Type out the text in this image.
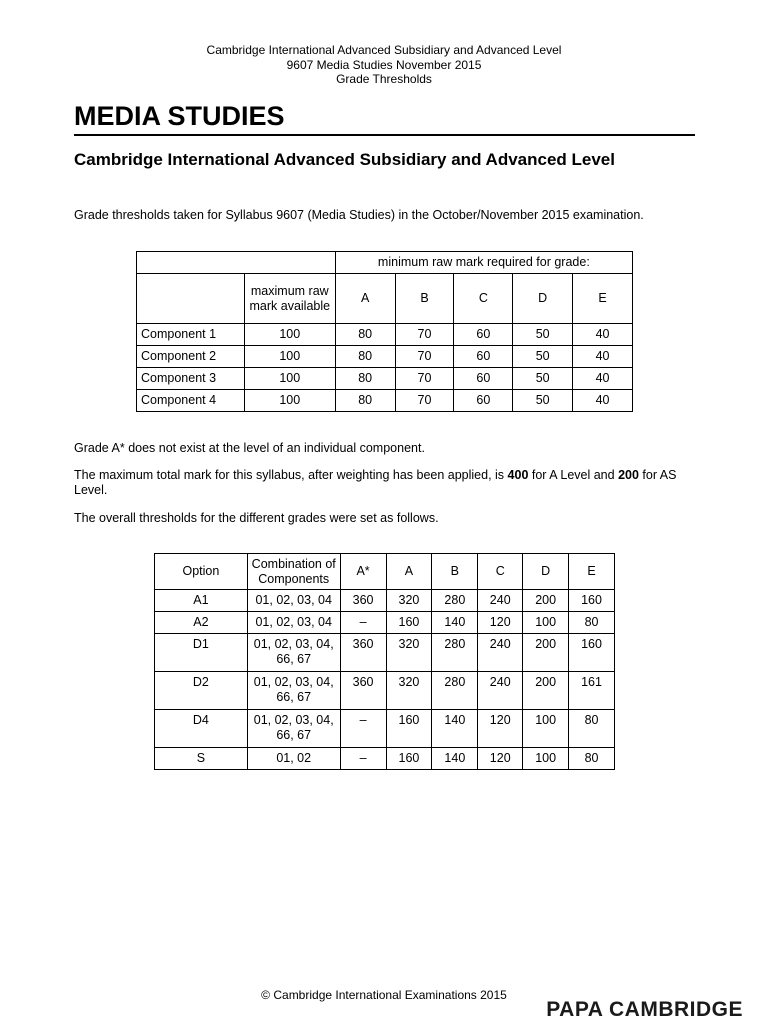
Cambridge International Advanced Subsidiary and Advanced Level
9607 Media Studies November 2015
Grade Thresholds
MEDIA STUDIES
Cambridge International Advanced Subsidiary and Advanced Level

Grade thresholds taken for Syllabus 9607 (Media Studies) in the October/November 2015 examination.

		minimum raw mark required for grade:				
	maximum raw mark available	A	B	C	D	E
Component 1	100	80	70	60	50	40
Component 2	100	80	70	60	50	40
Component 3	100	80	70	60	50	40
Component 4	100	80	70	60	50	40

Grade A* does not exist at the level of an individual component.

The maximum total mark for this syllabus, after weighting has been applied, is 400 for A Level and 200 for AS Level.

The overall thresholds for the different grades were set as follows.

Option	Combination of Components	A*	A	B	C	D	E
A1	01, 02, 03, 04	360	320	280	240	200	160
A2	01, 02, 03, 04	–	160	140	120	100	80
D1	01, 02, 03, 04, 66, 67	360	320	280	240	200	160
D2	01, 02, 03, 04, 66, 67	360	320	280	240	200	161
D4	01, 02, 03, 04, 66, 67	–	160	140	120	100	80
S	01, 02	–	160	140	120	100	80
© Cambridge International Examinations 2015
PAPA CAMBRIDGE
